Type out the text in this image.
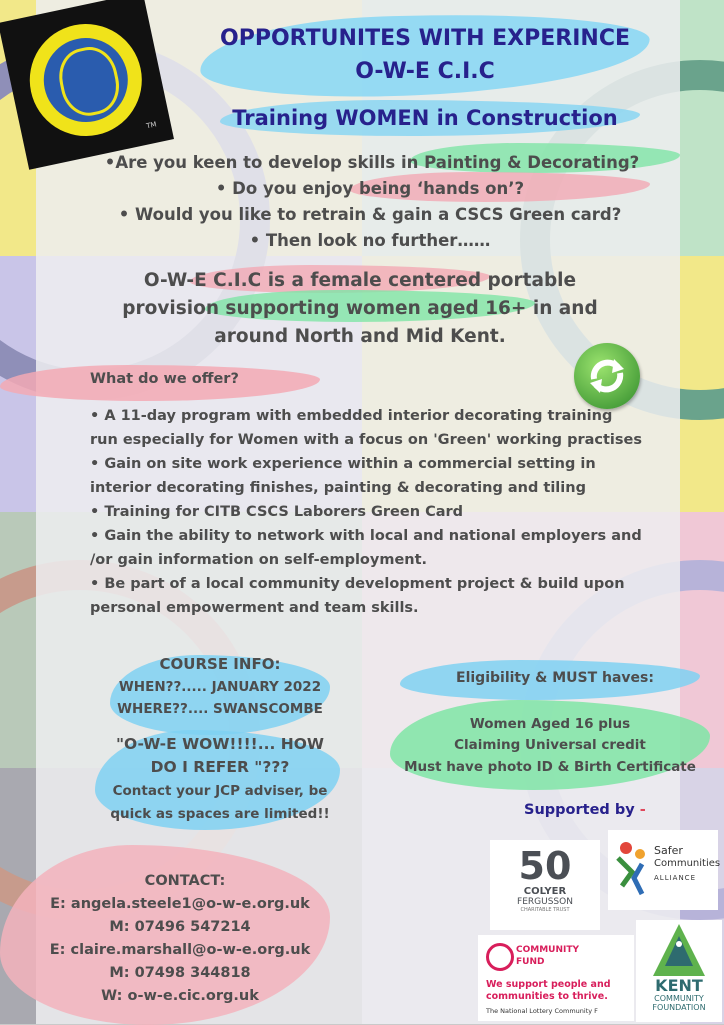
TM
OPPORTUNITES WITH EXPERINCE
O-W-E C.I.C
Training WOMEN in Construction
•Are you keen to develop skills in Painting & Decorating?
• Do you enjoy being ‘hands on’?
• Would you like to retrain & gain a CSCS Green card?
• Then look no further……
O-W-E C.I.C is a female centered portable
provision supporting women aged 16+ in and
around North and Mid Kent.
What do we offer?
• A 11-day program with embedded interior decorating training run especially for Women with a focus on 'Green' working practises
• Gain on site work experience within a commercial setting in interior decorating finishes, painting & decorating and tiling
• Training for CITB CSCS Laborers Green Card
• Gain the ability to network with local and national employers and /or gain information on self-employment.
• Be part of a local community development project & build upon personal empowerment and team skills.
COURSE INFO:
WHEN??..... JANUARY 2022
WHERE??.... SWANSCOMBE
"O-W-E WOW!!!!... HOW
DO I REFER "???
Contact your JCP adviser, be
quick as spaces are limited!!
Eligibility & MUST haves:
Women Aged 16 plus
Claiming Universal credit
Must have photo ID & Birth Certificate
Supported by -
CONTACT:
E: angela.steele1@o-w-e.org.uk
M: 07496 547214
E: claire.marshall@o-w-e.org.uk
M: 07498 344818
W: o-w-e.cic.org.uk
50
COLYER
FERGUSSON
CHARITABLE TRUST
Safer
Communities
ALLIANCE
COMMUNITY
FUND
We support people and
communities to thrive.
The National Lottery Community F
KENT
COMMUNITY
FOUNDATION
